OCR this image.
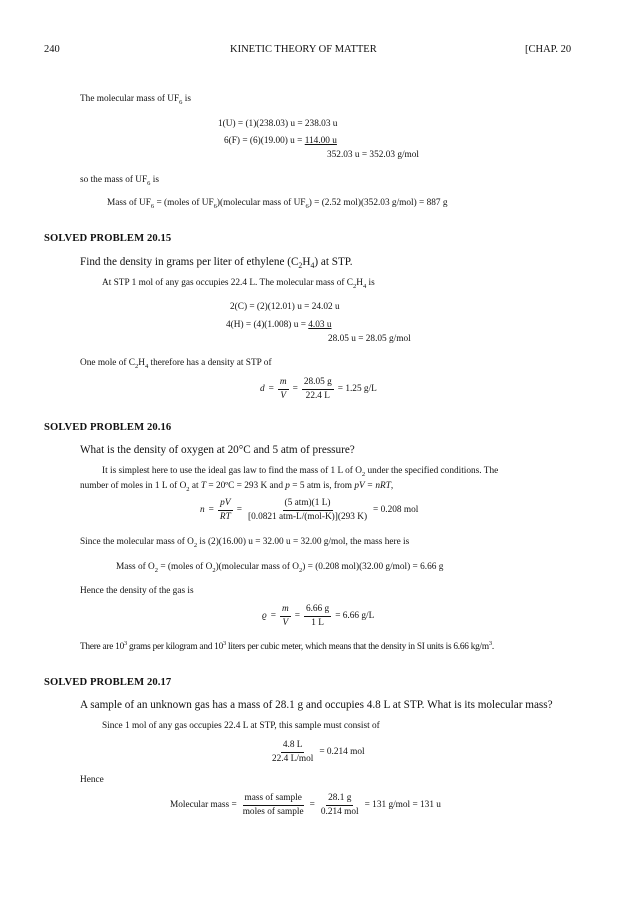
240	KINETIC THEORY OF MATTER	[CHAP. 20
The molecular mass of $UF_6$ is
1(U) = (1)(238.03) u = 238.03 u
6(F) = (6)(19.00) u = 114.00 u
352.03 u = 352.03 g/mol
so the mass of $UF_6$ is
Mass of $UF_6$ = (moles of $UF_6)(molecular$ mass of $UF_6) = (2.52$ mol)(352.03 g/mol) = 887 g
SOLVED PROBLEM 20.15
Find the density in grams per liter of ethylene $(C_2H_4)$ at STP.
At STP 1 mol of any gas occupies 22.4 L. The molecular mass of $C_2H_4$ is
2(C) = (2)(12.01) u = 24.02 u
4(H) = (4)(1.008) u = 4.03 u
28.05 u = 28.05 g/mol
One mole of $C_2H_4$ therefore has a density at STP of
$d = \frac{m}{V} = \frac{28.05 g}{22.4 L} = 1.25$ g/L
SOLVED PROBLEM 20.16
What is the density of oxygen at 20°C and 5 atm of pressure?
It is simplest here to use the ideal gas law to find the mass of 1 L of $O_2$ under the specified conditions. The
number of moles in 1 L of $O_2$ at T = 20ºC = 293 K and p = 5 atm is, from pV = nRT,
$n = \frac{pV}{RT} = \frac{\text{(5 atm)(1 L)}}{\text{[0.0821 atm-L/(mol-K)](293 K)}} = 0.208$ mol
Since the molecular mass of $O_2$ is (2)(16.00) u = 32.00 u = 32.00 g/mol, the mass here is
Mass of $O_2$ = (moles of $O_2)(molecular$ mass of $O_2) = (0.208$ mol)(32.00 g/mol) = 6.66 g
Hence the density of the gas is
$ϱ = \frac{m}{V} = \frac{6.66 g}{1 L} = 6.66$ g/L
There are $10^3$ grams per kilogram and $10^3$ liters per cubic meter, which means that the density in SI units is 6.66 $kg/m^3$.
SOLVED PROBLEM 20.17
A sample of an unknown gas has a mass of 28.1 g and occupies 4.8 L at STP. What is its molecular mass?
Since 1 mol of any gas occupies 22.4 L at STP, this sample must consist of
$\frac{4.8 L}{\text{22.4 L/mol}} = 0.214$ mol
Hence
Molecular mass = $\frac{\text{mass of sample}}{\text{moles of sample}} = \frac{28.1 g}{\text{0.214 mol}} = 131$ g/mol = 131 u
